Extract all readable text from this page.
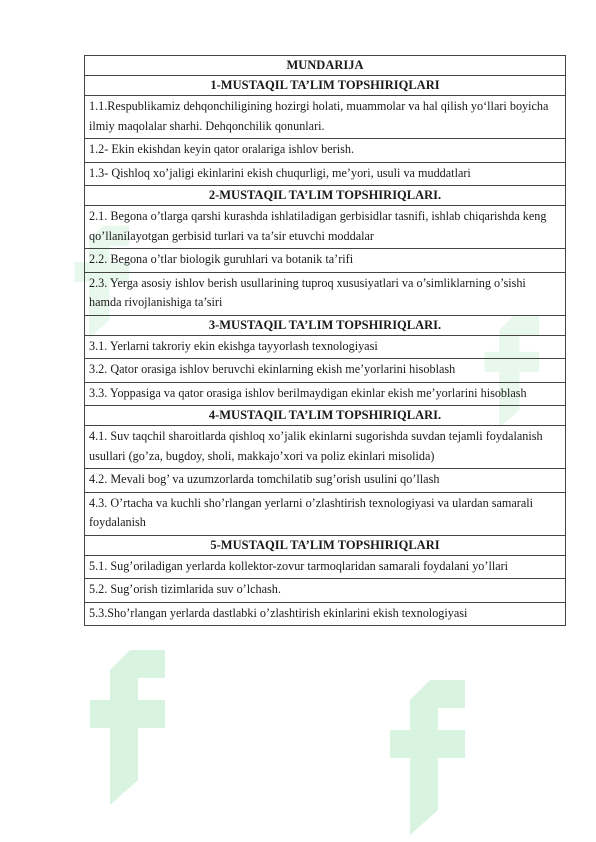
MUNDARIJA
1-MUSTAQIL TA’LIM TOPSHIRIQLARI
1.1.Respublikamiz dehqonchiligining hozirgi holati, muammolar va hal qilish yo‘llari boyicha ilmiy maqolalar sharhi. Dehqonchilik qonunlari.
1.2- Ekin ekishdan keyin qator oralariga ishlov berish.
1.3- Qishloq xo’jaligi ekinlarini ekish chuqurligi, me’yori, usuli va muddatlari
2-MUSTAQIL TA’LIM TOPSHIRIQLARI.
2.1. Begona o’tlarga qarshi kurashda ishlatiladigan gerbisidlar tasnifi, ishlab chiqarishda keng qo’llanilayotgan gerbisid turlari va ta’sir etuvchi moddalar
2.2. Begona o’tlar biologik guruhlari va botanik ta’rifi
2.3. Yerga asosiy ishlov berish usullarining tuproq xususiyatlari va o’simliklarning o’sishi hamda rivojlanishiga ta’siri
3-MUSTAQIL TA’LIM TOPSHIRIQLARI.
3.1. Yerlarni takroriy ekin ekishga tayyorlash texnologiyasi
3.2. Qator orasiga ishlov beruvchi ekinlarning ekish me’yorlarini hisoblash
3.3. Yoppasiga va qator orasiga ishlov berilmaydigan ekinlar ekish me’yorlarini hisoblash
4-MUSTAQIL TA’LIM TOPSHIRIQLARI.
4.1. Suv taqchil sharoitlarda qishloq xo’jalik ekinlarni sugorishda suvdan tejamli foydalanish usullari (go’za, bugdoy, sholi, makkajo’xori va poliz ekinlari misolida)
4.2. Mevali bog’ va uzumzorlarda tomchilatib sug’orish usulini qo’llash
4.3. O’rtacha va kuchli sho’rlangan yerlarni o’zlashtirish texnologiyasi va ulardan samarali foydalanish
5-MUSTAQIL TA’LIM TOPSHIRIQLARI
5.1. Sug’oriladigan yerlarda kollektor-zovur tarmoqlaridan samarali foydalani yo’llari
5.2. Sug’orish tizimlarida suv o’lchash.
5.3.Sho’rlangan yerlarda dastlabki o’zlashtirish ekinlarini ekish texnologiyasi
